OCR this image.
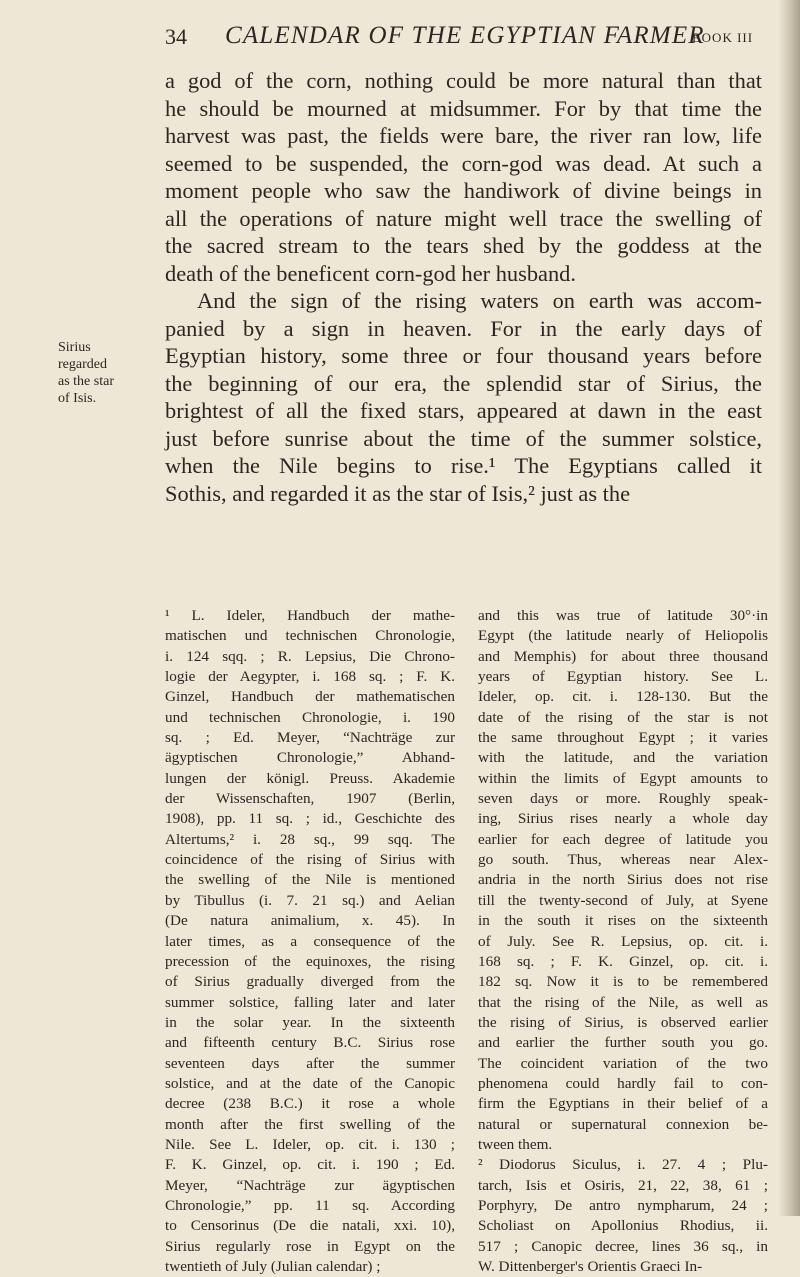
34 CALENDAR OF THE EGYPTIAN FARMER
BOOK III
Sirius
regarded
as the star
of Isis.
a god of the corn, nothing could be more natural than that
he should be mourned at midsummer. For by that time the
harvest was past, the fields were bare, the river ran low, life
seemed to be suspended, the corn-god was dead. At such a
moment people who saw the handiwork of divine beings in
all the operations of nature might well trace the swelling of
the sacred stream to the tears shed by the goddess at the
death of the beneficent corn-god her husband.
And the sign of the rising waters on earth was accom-
panied by a sign in heaven. For in the early days of
Egyptian history, some three or four thousand years before
the beginning of our era, the splendid star of Sirius, the
brightest of all the fixed stars, appeared at dawn in the east
just before sunrise about the time of the summer solstice,
when the Nile begins to rise.¹ The Egyptians called it
Sothis, and regarded it as the star of Isis,² just as the
¹ L. Ideler, Handbuch der mathe-
matischen und technischen Chronologie,
i. 124 sqq. ; R. Lepsius, Die Chrono-
logie der Aegypter, i. 168 sq. ; F. K.
Ginzel, Handbuch der mathematischen
und technischen Chronologie, i. 190
sq. ; Ed. Meyer, “Nachträge zur
ägyptischen Chronologie,” Abhand-
lungen der königl. Preuss. Akademie
der Wissenschaften, 1907 (Berlin,
1908), pp. 11 sq. ; id., Geschichte des
Altertums,² i. 28 sq., 99 sqq. The
coincidence of the rising of Sirius with
the swelling of the Nile is mentioned
by Tibullus (i. 7. 21 sq.) and Aelian
(De natura animalium, x. 45). In
later times, as a consequence of the
precession of the equinoxes, the rising
of Sirius gradually diverged from the
summer solstice, falling later and later
in the solar year. In the sixteenth
and fifteenth century B.C. Sirius rose
seventeen days after the summer
solstice, and at the date of the Canopic
decree (238 B.C.) it rose a whole
month after the first swelling of the
Nile. See L. Ideler, op. cit. i. 130 ;
F. K. Ginzel, op. cit. i. 190 ; Ed.
Meyer, “Nachträge zur ägyptischen
Chronologie,” pp. 11 sq. According
to Censorinus (De die natali, xxi. 10),
Sirius regularly rose in Egypt on the
twentieth of July (Julian calendar) ;
and this was true of latitude 30°·in
Egypt (the latitude nearly of Heliopolis
and Memphis) for about three thousand
years of Egyptian history. See L.
Ideler, op. cit. i. 128-130. But the
date of the rising of the star is not
the same throughout Egypt ; it varies
with the latitude, and the variation
within the limits of Egypt amounts to
seven days or more. Roughly speak-
ing, Sirius rises nearly a whole day
earlier for each degree of latitude you
go south. Thus, whereas near Alex-
andria in the north Sirius does not rise
till the twenty-second of July, at Syene
in the south it rises on the sixteenth
of July. See R. Lepsius, op. cit. i.
168 sq. ; F. K. Ginzel, op. cit. i.
182 sq. Now it is to be remembered
that the rising of the Nile, as well as
the rising of Sirius, is observed earlier
and earlier the further south you go.
The coincident variation of the two
phenomena could hardly fail to con-
firm the Egyptians in their belief of a
natural or supernatural connexion be-
tween them.
² Diodorus Siculus, i. 27. 4 ; Plu-
tarch, Isis et Osiris, 21, 22, 38, 61 ;
Porphyry, De antro nympharum, 24 ;
Scholiast on Apollonius Rhodius, ii.
517 ; Canopic decree, lines 36 sq., in
W. Dittenberger's Orientis Graeci In-
